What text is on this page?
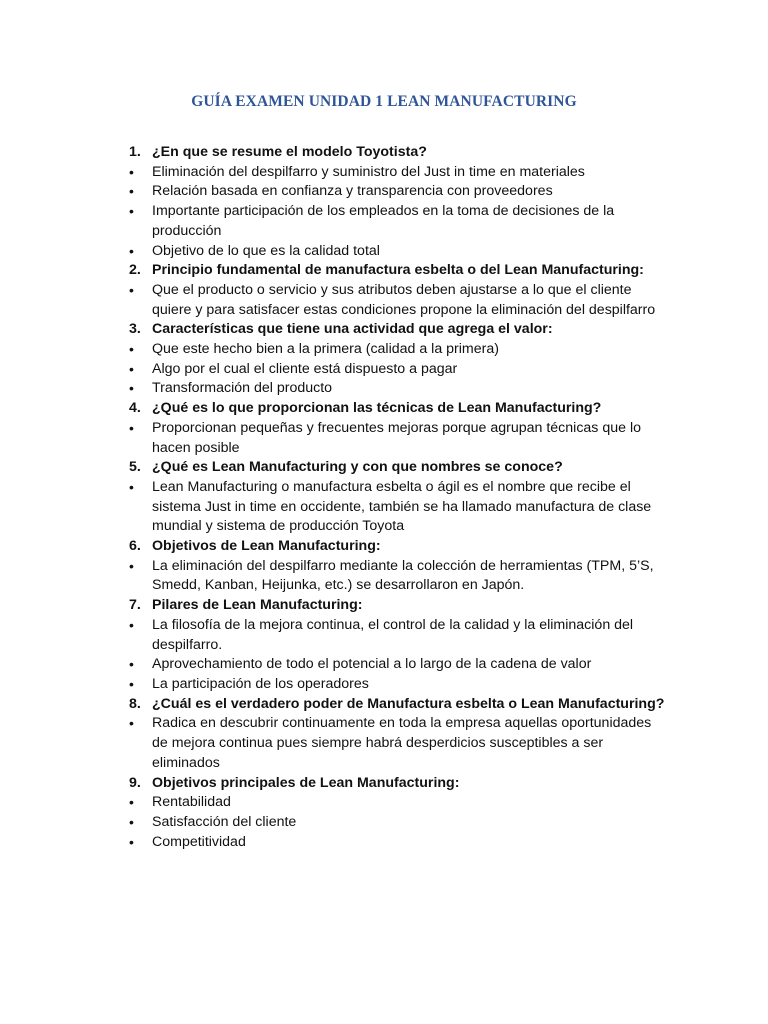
GUÍA EXAMEN UNIDAD 1 LEAN MANUFACTURING
1. ¿En que se resume el modelo Toyotista?
• Eliminación del despilfarro y suministro del Just in time en materiales
• Relación basada en confianza y transparencia con proveedores
• Importante participación de los empleados en la toma de decisiones de la producción
• Objetivo de lo que es la calidad total
2. Principio fundamental de manufactura esbelta o del Lean Manufacturing:
• Que el producto o servicio y sus atributos deben ajustarse a lo que el cliente quiere y para satisfacer estas condiciones propone la eliminación del despilfarro
3. Características que tiene una actividad que agrega el valor:
• Que este hecho bien a la primera (calidad a la primera)
• Algo por el cual el cliente está dispuesto a pagar
• Transformación del producto
4. ¿Qué es lo que proporcionan las técnicas de Lean Manufacturing?
• Proporcionan pequeñas y frecuentes mejoras porque agrupan técnicas que lo hacen posible
5. ¿Qué es Lean Manufacturing y con que nombres se conoce?
• Lean Manufacturing o manufactura esbelta o ágil es el nombre que recibe el sistema Just in time en occidente, también se ha llamado manufactura de clase mundial y sistema de producción Toyota
6. Objetivos de Lean Manufacturing:
• La eliminación del despilfarro mediante la colección de herramientas (TPM, 5’S, Smedd, Kanban, Heijunka, etc.) se desarrollaron en Japón.
7. Pilares de Lean Manufacturing:
• La filosofía de la mejora continua, el control de la calidad y la eliminación del despilfarro.
• Aprovechamiento de todo el potencial a lo largo de la cadena de valor
• La participación de los operadores
8. ¿Cuál es el verdadero poder de Manufactura esbelta o Lean Manufacturing?
• Radica en descubrir continuamente en toda la empresa aquellas oportunidades de mejora continua pues siempre habrá desperdicios susceptibles a ser eliminados
9. Objetivos principales de Lean Manufacturing:
• Rentabilidad
• Satisfacción del cliente
• Competitividad
